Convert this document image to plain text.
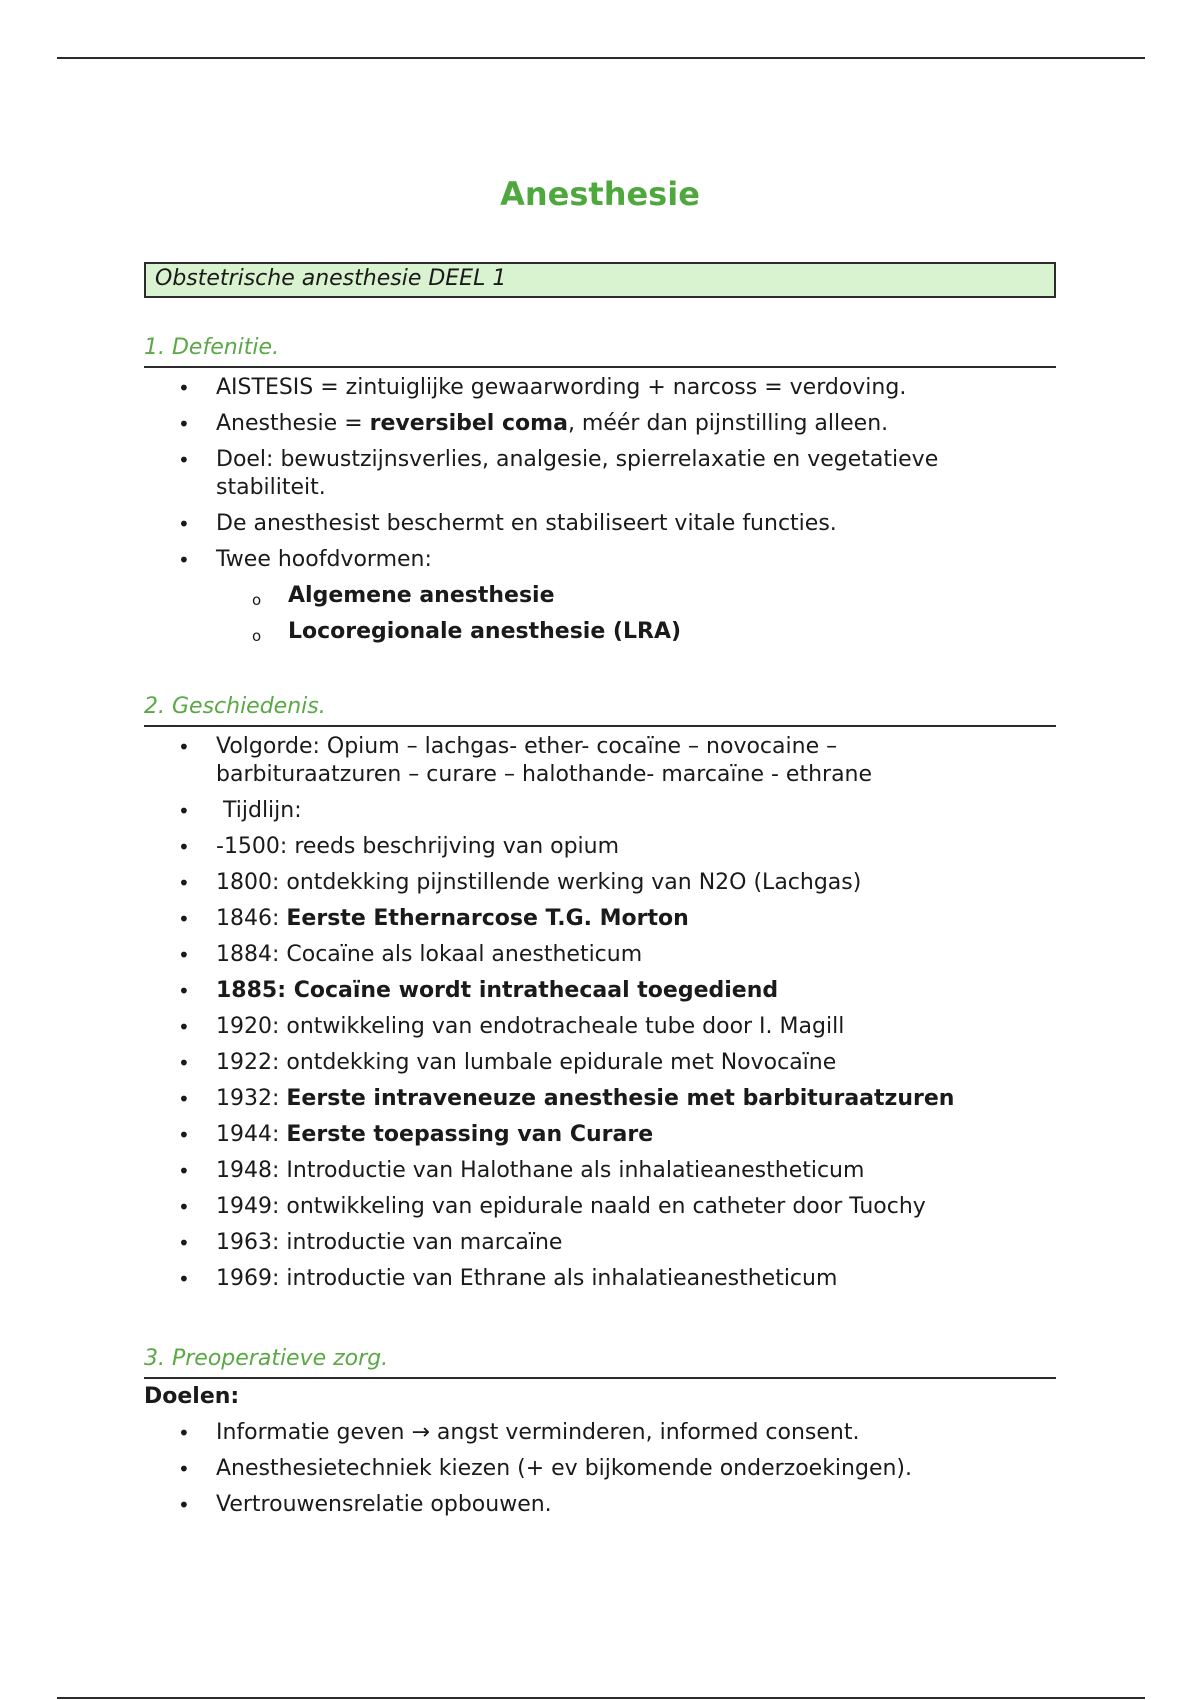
Anesthesie
Obstetrische anesthesie DEEL 1
1. Defenitie.
• AISTESIS = zintuiglijke gewaarwording + narcoss = verdoving.
• Anesthesie = reversibel coma, méér dan pijnstilling alleen.
• Doel: bewustzijnsverlies, analgesie, spierrelaxatie en vegetatieve stabiliteit.
• De anesthesist beschermt en stabiliseert vitale functies.
• Twee hoofdvormen:
o Algemene anesthesie
o Locoregionale anesthesie (LRA)
2. Geschiedenis.
• Volgorde: Opium – lachgas- ether- cocaïne – novocaine – barbituraatzuren – curare – halothande- marcaïne - ethrane
•  Tijdlijn:
• -1500: reeds beschrijving van opium
• 1800: ontdekking pijnstillende werking van N2O (Lachgas)
• 1846: Eerste Ethernarcose T.G. Morton
• 1884: Cocaïne als lokaal anestheticum
• 1885: Cocaïne wordt intrathecaal toegediend
• 1920: ontwikkeling van endotracheale tube door I. Magill
• 1922: ontdekking van lumbale epidurale met Novocaïne
• 1932: Eerste intraveneuze anesthesie met barbituraatzuren
• 1944: Eerste toepassing van Curare
• 1948: Introductie van Halothane als inhalatieanestheticum
• 1949: ontwikkeling van epidurale naald en catheter door Tuochy
• 1963: introductie van marcaïne
• 1969: introductie van Ethrane als inhalatieanestheticum
3. Preoperatieve zorg.
Doelen:
• Informatie geven → angst verminderen, informed consent.
• Anesthesietechniek kiezen (+ ev bijkomende onderzoekingen).
• Vertrouwensrelatie opbouwen.
